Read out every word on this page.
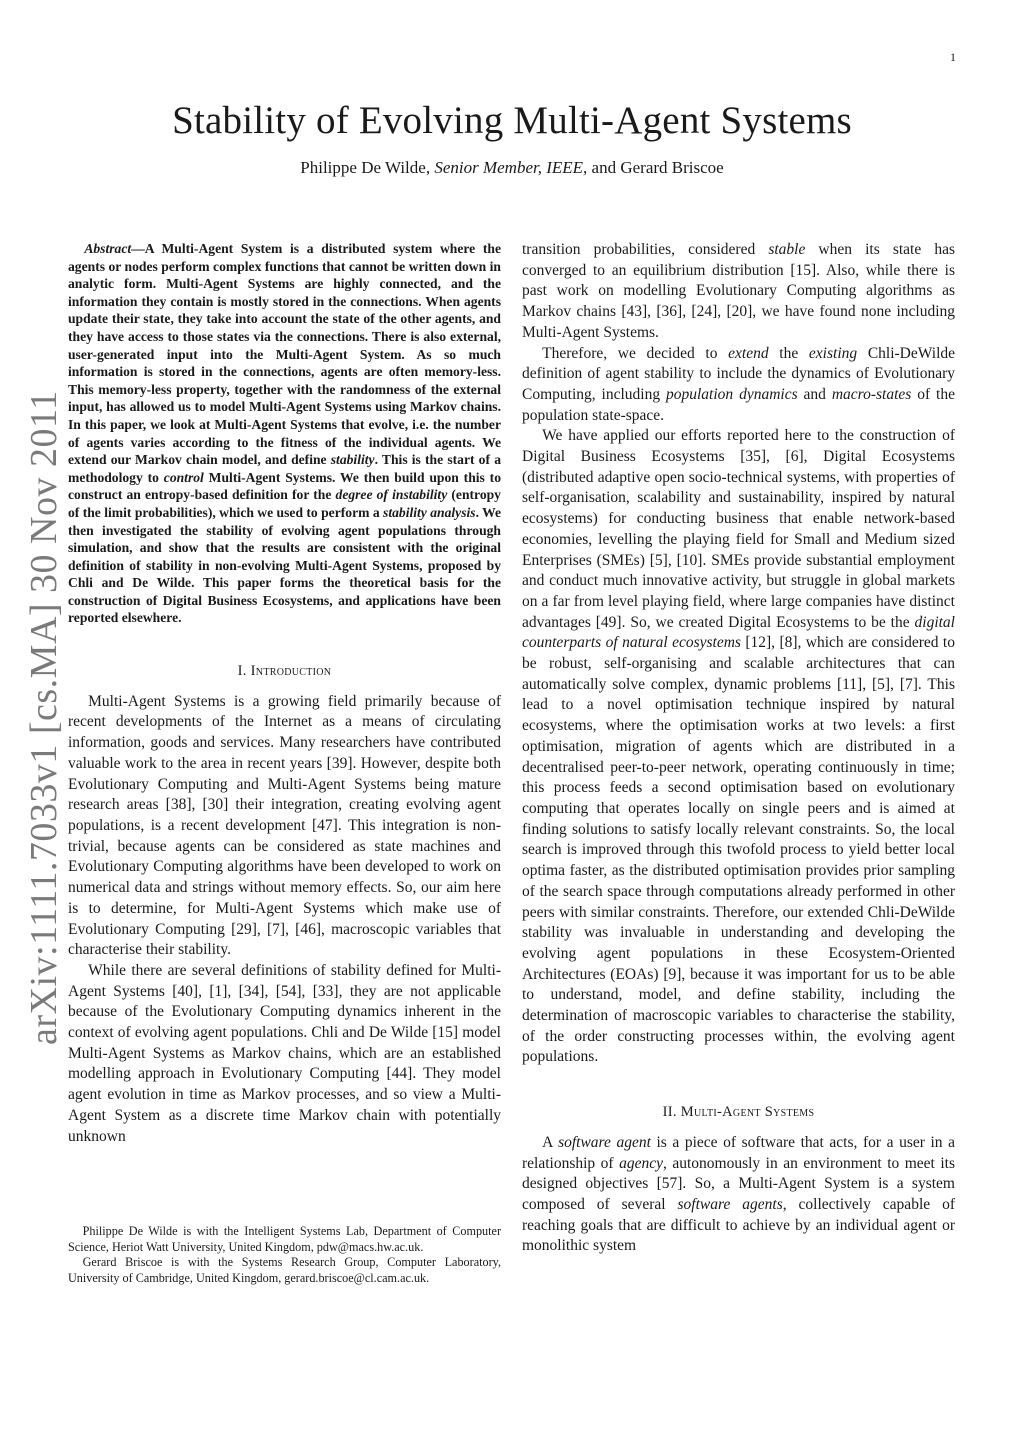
1
Stability of Evolving Multi-Agent Systems
Philippe De Wilde, Senior Member, IEEE, and Gerard Briscoe
arXiv:1111.7033v1 [cs.MA] 30 Nov 2011

Abstract—A Multi-Agent System is a distributed system where the agents or nodes perform complex functions that cannot be written down in analytic form. Multi-Agent Systems are highly connected, and the information they contain is mostly stored in the connections. When agents update their state, they take into account the state of the other agents, and they have access to those states via the connections. There is also external, user-generated input into the Multi-Agent System. As so much information is stored in the connections, agents are often memory-less. This memory-less property, together with the randomness of the external input, has allowed us to model Multi-Agent Systems using Markov chains. In this paper, we look at Multi-Agent Systems that evolve, i.e. the number of agents varies according to the fitness of the individual agents. We extend our Markov chain model, and define stability. This is the start of a methodology to control Multi-Agent Systems. We then build upon this to construct an entropy-based definition for the degree of instability (entropy of the limit probabilities), which we used to perform a stability analysis. We then investigated the stability of evolving agent populations through simulation, and show that the results are consistent with the original definition of stability in non-evolving Multi-Agent Systems, proposed by Chli and De Wilde. This paper forms the theoretical basis for the construction of Digital Business Ecosystems, and applications have been reported elsewhere.

I. Introduction

Multi-Agent Systems is a growing field primarily because of recent developments of the Internet as a means of circulating information, goods and services. Many researchers have contributed valuable work to the area in recent years [39]. However, despite both Evolutionary Computing and Multi-Agent Systems being mature research areas [38], [30] their integration, creating evolving agent populations, is a recent development [47]. This integration is non-trivial, because agents can be considered as state machines and Evolutionary Computing algorithms have been developed to work on numerical data and strings without memory effects. So, our aim here is to determine, for Multi-Agent Systems which make use of Evolutionary Computing [29], [7], [46], macroscopic variables that characterise their stability.

While there are several definitions of stability defined for Multi-Agent Systems [40], [1], [34], [54], [33], they are not applicable because of the Evolutionary Computing dynamics inherent in the context of evolving agent populations. Chli and De Wilde [15] model Multi-Agent Systems as Markov chains, which are an established modelling approach in Evolutionary Computing [44]. They model agent evolution in time as Markov processes, and so view a Multi-Agent System as a discrete time Markov chain with potentially unknown

Philippe De Wilde is with the Intelligent Systems Lab, Department of Computer Science, Heriot Watt University, United Kingdom, pdw@macs.hw.ac.uk.

Gerard Briscoe is with the Systems Research Group, Computer Laboratory, University of Cambridge, United Kingdom, gerard.briscoe@cl.cam.ac.uk.

transition probabilities, considered stable when its state has converged to an equilibrium distribution [15]. Also, while there is past work on modelling Evolutionary Computing algorithms as Markov chains [43], [36], [24], [20], we have found none including Multi-Agent Systems.

Therefore, we decided to extend the existing Chli-DeWilde definition of agent stability to include the dynamics of Evolutionary Computing, including population dynamics and macro-states of the population state-space.

We have applied our efforts reported here to the construction of Digital Business Ecosystems [35], [6], Digital Ecosystems (distributed adaptive open socio-technical systems, with properties of self-organisation, scalability and sustainability, inspired by natural ecosystems) for conducting business that enable network-based economies, levelling the playing field for Small and Medium sized Enterprises (SMEs) [5], [10]. SMEs provide substantial employment and conduct much innovative activity, but struggle in global markets on a far from level playing field, where large companies have distinct advantages [49]. So, we created Digital Ecosystems to be the digital counterparts of natural ecosystems [12], [8], which are considered to be robust, self-organising and scalable architectures that can automatically solve complex, dynamic problems [11], [5], [7]. This lead to a novel optimisation technique inspired by natural ecosystems, where the optimisation works at two levels: a first optimisation, migration of agents which are distributed in a decentralised peer-to-peer network, operating continuously in time; this process feeds a second optimisation based on evolutionary computing that operates locally on single peers and is aimed at finding solutions to satisfy locally relevant constraints. So, the local search is improved through this twofold process to yield better local optima faster, as the distributed optimisation provides prior sampling of the search space through computations already performed in other peers with similar constraints. Therefore, our extended Chli-DeWilde stability was invaluable in understanding and developing the evolving agent populations in these Ecosystem-Oriented Architectures (EOAs) [9], because it was important for us to be able to understand, model, and define stability, including the determination of macroscopic variables to characterise the stability, of the order constructing processes within, the evolving agent populations.

II. Multi-Agent Systems

A software agent is a piece of software that acts, for a user in a relationship of agency, autonomously in an environment to meet its designed objectives [57]. So, a Multi-Agent System is a system composed of several software agents, collectively capable of reaching goals that are difficult to achieve by an individual agent or monolithic system
